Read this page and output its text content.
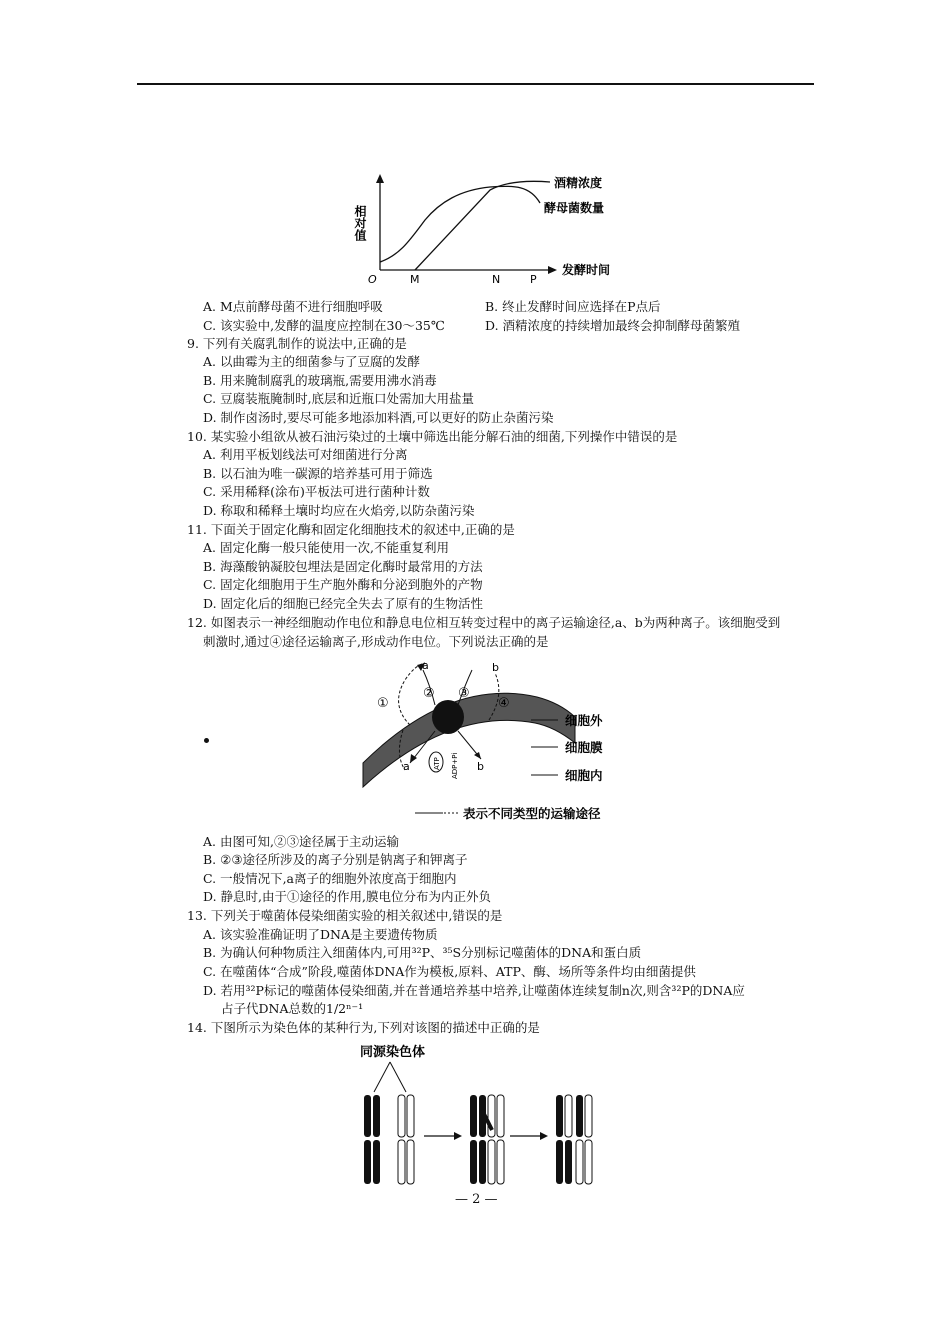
相对值
O	M	N	P
发酵时间
酒精浓度
酵母菌数量
A. M点前酵母菌不进行细胞呼吸	B. 终止发酵时间应选择在P点后
C. 该实验中,发酵的温度应控制在30～35℃	D. 酒精浓度的持续增加最终会抑制酵母菌繁殖
9. 下列有关腐乳制作的说法中,正确的是
A. 以曲霉为主的细菌参与了豆腐的发酵
B. 用来腌制腐乳的玻璃瓶,需要用沸水消毒
C. 豆腐装瓶腌制时,底层和近瓶口处需加大用盐量
D. 制作卤汤时,要尽可能多地添加料酒,可以更好的防止杂菌污染
10. 某实验小组欲从被石油污染过的土壤中筛选出能分解石油的细菌,下列操作中错误的是
A. 利用平板划线法可对细菌进行分离
B. 以石油为唯一碳源的培养基可用于筛选
C. 采用稀释(涂布)平板法可进行菌种计数
D. 称取和稀释土壤时均应在火焰旁,以防杂菌污染
11. 下面关于固定化酶和固定化细胞技术的叙述中,正确的是
A. 固定化酶一般只能使用一次,不能重复利用
B. 海藻酸钠凝胶包埋法是固定化酶时最常用的方法
C. 固定化细胞用于生产胞外酶和分泌到胞外的产物
D. 固定化后的细胞已经完全失去了原有的生物活性
12. 如图表示一神经细胞动作电位和静息电位相互转变过程中的离子运输途径,a、b为两种离子。该细胞受到
刺激时,通过④途径运输离子,形成动作电位。下列说法正确的是
a	b
a	b
①
② ③
④
ATP ADP+Pi
细胞外
细胞膜
细胞内
表示不同类型的运输途径
A. 由图可知,②③途径属于主动运输
B. ②③途径所涉及的离子分别是钠离子和钾离子
C. 一般情况下,a离子的细胞外浓度高于细胞内
D. 静息时,由于①途径的作用,膜电位分布为内正外负
13. 下列关于噬菌体侵染细菌实验的相关叙述中,错误的是
A. 该实验准确证明了DNA是主要遗传物质
B. 为确认何种物质注入细菌体内,可用³²P、³⁵S分别标记噬菌体的DNA和蛋白质
C. 在噬菌体“合成”阶段,噬菌体DNA作为模板,原料、ATP、酶、场所等条件均由细菌提供
D. 若用³²P标记的噬菌体侵染细菌,并在普通培养基中培养,让噬菌体连续复制n次,则含³²P的DNA应
占子代DNA总数的1/2ⁿ⁻¹
14. 下图所示为染色体的某种行为,下列对该图的描述中正确的是
同源染色体
— 2 —
